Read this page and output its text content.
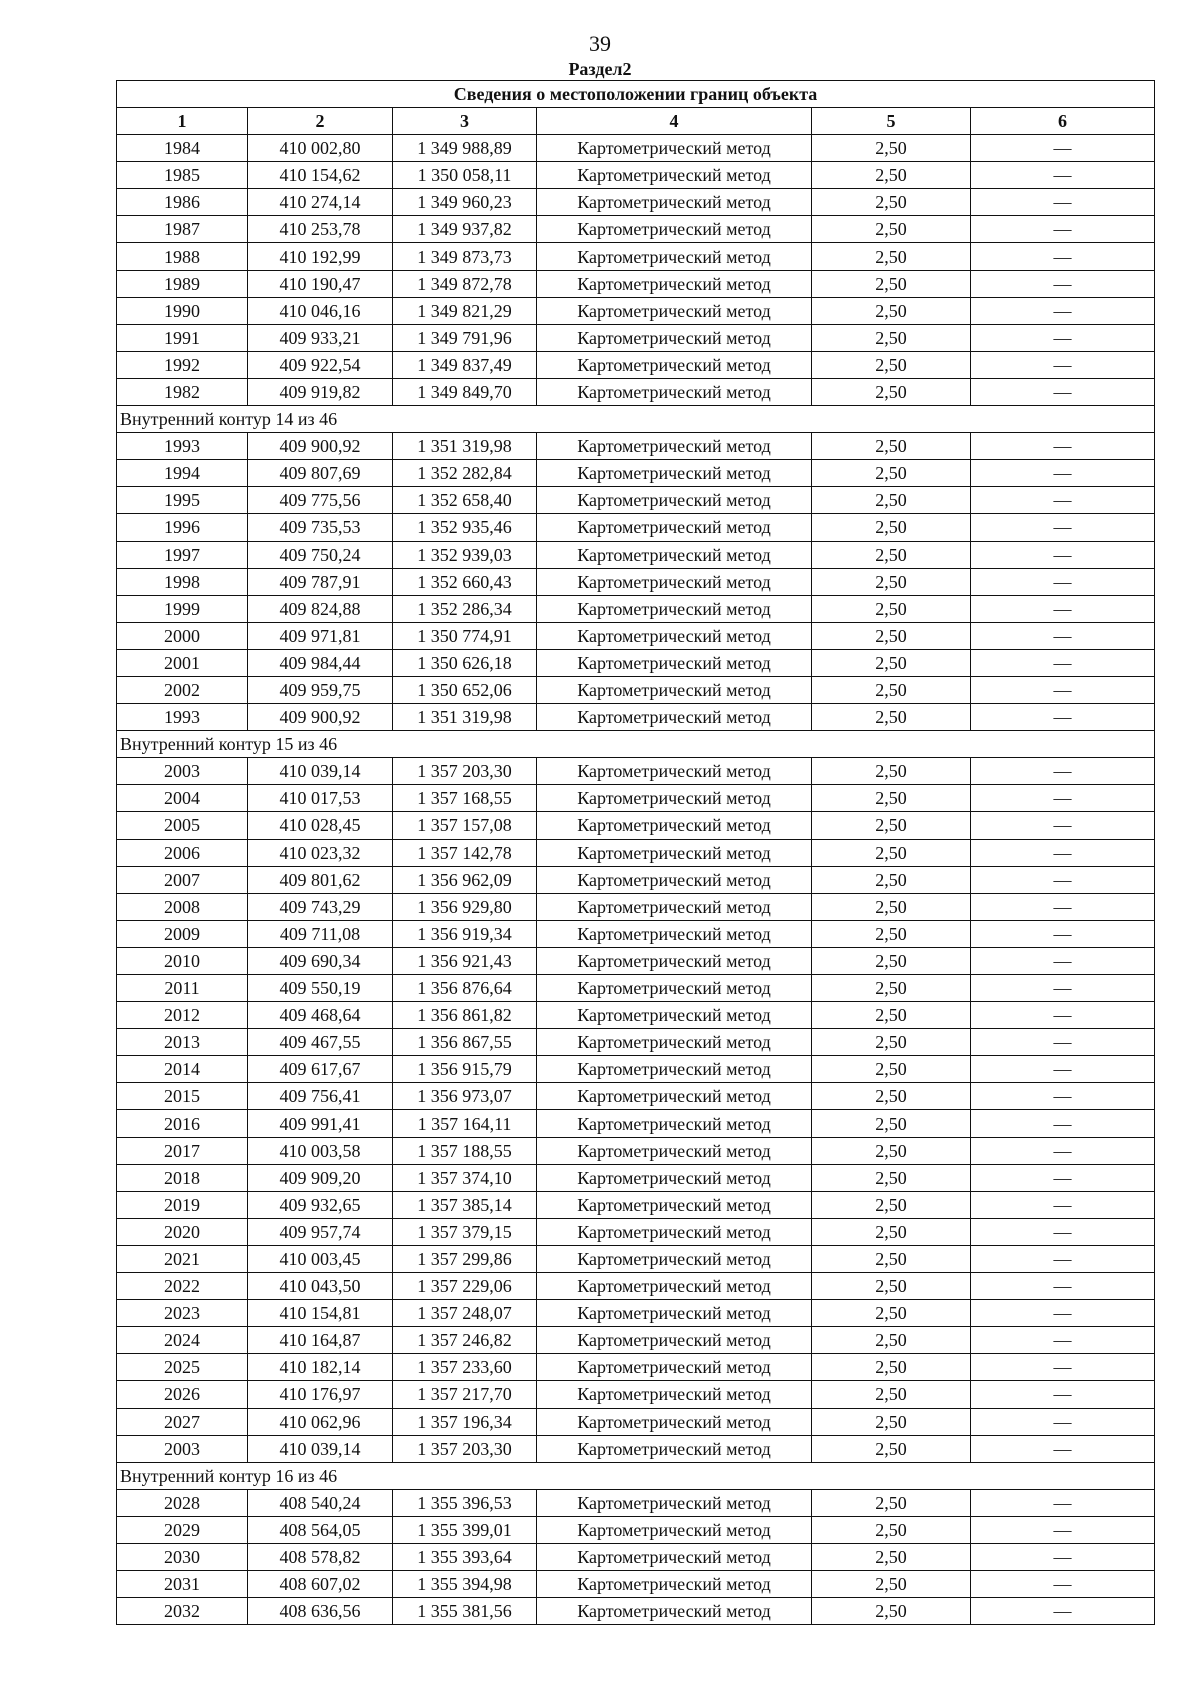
39
Раздел2
Сведения о местоположении границ объекта					
1	2	3	4	5	6
1984	410 002,80	1 349 988,89	Картометрический метод	2,50	—
1985	410 154,62	1 350 058,11	Картометрический метод	2,50	—
1986	410 274,14	1 349 960,23	Картометрический метод	2,50	—
1987	410 253,78	1 349 937,82	Картометрический метод	2,50	—
1988	410 192,99	1 349 873,73	Картометрический метод	2,50	—
1989	410 190,47	1 349 872,78	Картометрический метод	2,50	—
1990	410 046,16	1 349 821,29	Картометрический метод	2,50	—
1991	409 933,21	1 349 791,96	Картометрический метод	2,50	—
1992	409 922,54	1 349 837,49	Картометрический метод	2,50	—
1982	409 919,82	1 349 849,70	Картометрический метод	2,50	—
Внутренний контур 14 из 46					
1993	409 900,92	1 351 319,98	Картометрический метод	2,50	—
1994	409 807,69	1 352 282,84	Картометрический метод	2,50	—
1995	409 775,56	1 352 658,40	Картометрический метод	2,50	—
1996	409 735,53	1 352 935,46	Картометрический метод	2,50	—
1997	409 750,24	1 352 939,03	Картометрический метод	2,50	—
1998	409 787,91	1 352 660,43	Картометрический метод	2,50	—
1999	409 824,88	1 352 286,34	Картометрический метод	2,50	—
2000	409 971,81	1 350 774,91	Картометрический метод	2,50	—
2001	409 984,44	1 350 626,18	Картометрический метод	2,50	—
2002	409 959,75	1 350 652,06	Картометрический метод	2,50	—
1993	409 900,92	1 351 319,98	Картометрический метод	2,50	—
Внутренний контур 15 из 46					
2003	410 039,14	1 357 203,30	Картометрический метод	2,50	—
2004	410 017,53	1 357 168,55	Картометрический метод	2,50	—
2005	410 028,45	1 357 157,08	Картометрический метод	2,50	—
2006	410 023,32	1 357 142,78	Картометрический метод	2,50	—
2007	409 801,62	1 356 962,09	Картометрический метод	2,50	—
2008	409 743,29	1 356 929,80	Картометрический метод	2,50	—
2009	409 711,08	1 356 919,34	Картометрический метод	2,50	—
2010	409 690,34	1 356 921,43	Картометрический метод	2,50	—
2011	409 550,19	1 356 876,64	Картометрический метод	2,50	—
2012	409 468,64	1 356 861,82	Картометрический метод	2,50	—
2013	409 467,55	1 356 867,55	Картометрический метод	2,50	—
2014	409 617,67	1 356 915,79	Картометрический метод	2,50	—
2015	409 756,41	1 356 973,07	Картометрический метод	2,50	—
2016	409 991,41	1 357 164,11	Картометрический метод	2,50	—
2017	410 003,58	1 357 188,55	Картометрический метод	2,50	—
2018	409 909,20	1 357 374,10	Картометрический метод	2,50	—
2019	409 932,65	1 357 385,14	Картометрический метод	2,50	—
2020	409 957,74	1 357 379,15	Картометрический метод	2,50	—
2021	410 003,45	1 357 299,86	Картометрический метод	2,50	—
2022	410 043,50	1 357 229,06	Картометрический метод	2,50	—
2023	410 154,81	1 357 248,07	Картометрический метод	2,50	—
2024	410 164,87	1 357 246,82	Картометрический метод	2,50	—
2025	410 182,14	1 357 233,60	Картометрический метод	2,50	—
2026	410 176,97	1 357 217,70	Картометрический метод	2,50	—
2027	410 062,96	1 357 196,34	Картометрический метод	2,50	—
2003	410 039,14	1 357 203,30	Картометрический метод	2,50	—
Внутренний контур 16 из 46					
2028	408 540,24	1 355 396,53	Картометрический метод	2,50	—
2029	408 564,05	1 355 399,01	Картометрический метод	2,50	—
2030	408 578,82	1 355 393,64	Картометрический метод	2,50	—
2031	408 607,02	1 355 394,98	Картометрический метод	2,50	—
2032	408 636,56	1 355 381,56	Картометрический метод	2,50	—
